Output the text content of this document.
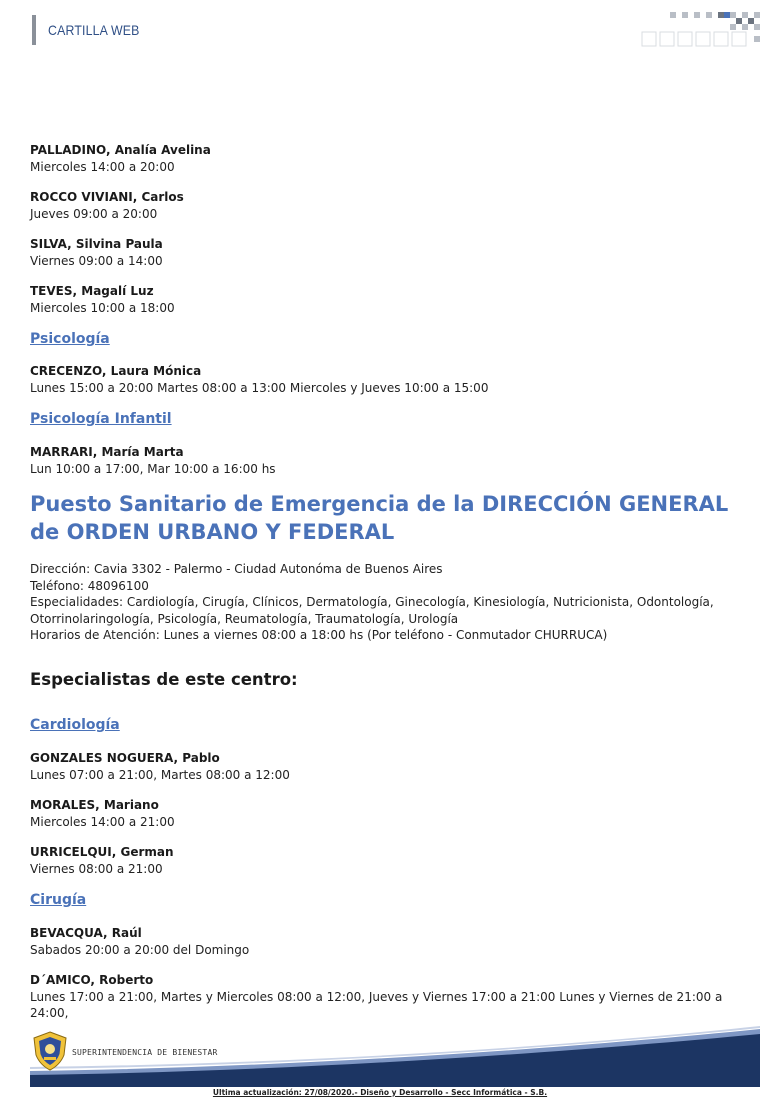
CARTILLA WEB
PALLADINO, Analía Avelina
Miercoles 14:00 a 20:00
ROCCO VIVIANI, Carlos
Jueves 09:00 a 20:00
SILVA, Silvina Paula
Viernes 09:00 a 14:00
TEVES, Magalí Luz
Miercoles 10:00 a 18:00
Psicología
CRECENZO, Laura Mónica
Lunes 15:00 a 20:00 Martes 08:00 a 13:00 Miercoles y Jueves 10:00 a 15:00
Psicología Infantil
MARRARI, María Marta
Lun 10:00 a 17:00, Mar 10:00 a 16:00 hs
Puesto Sanitario de Emergencia de la DIRECCIÓN GENERAL de ORDEN URBANO Y FEDERAL
Dirección: Cavia 3302 - Palermo - Ciudad Autonóma de Buenos Aires
Teléfono: 48096100
Especialidades: Cardiología, Cirugía, Clínicos, Dermatología, Ginecología, Kinesiología, Nutricionista, Odontología, Otorrinolaringología, Psicología, Reumatología, Traumatología, Urología
Horarios de Atención: Lunes a viernes 08:00 a 18:00 hs (Por teléfono - Conmutador CHURRUCA)
Especialistas de este centro:
Cardiología
GONZALES NOGUERA, Pablo
Lunes 07:00 a 21:00, Martes 08:00 a 12:00
MORALES, Mariano
Miercoles 14:00 a 21:00
URRICELQUI, German
Viernes 08:00 a 21:00
Cirugía
BEVACQUA, Raúl
Sabados 20:00 a 20:00 del Domingo
D´AMICO, Roberto
Lunes 17:00 a 21:00, Martes y Miercoles 08:00 a 12:00, Jueves y Viernes 17:00 a 21:00 Lunes y Viernes de 21:00 a 24:00,
SUPERINTENDENCIA DE BIENESTAR
Ultima actualización: 27/08/2020.- Diseño y Desarrollo - Secc Informática - S.B.
